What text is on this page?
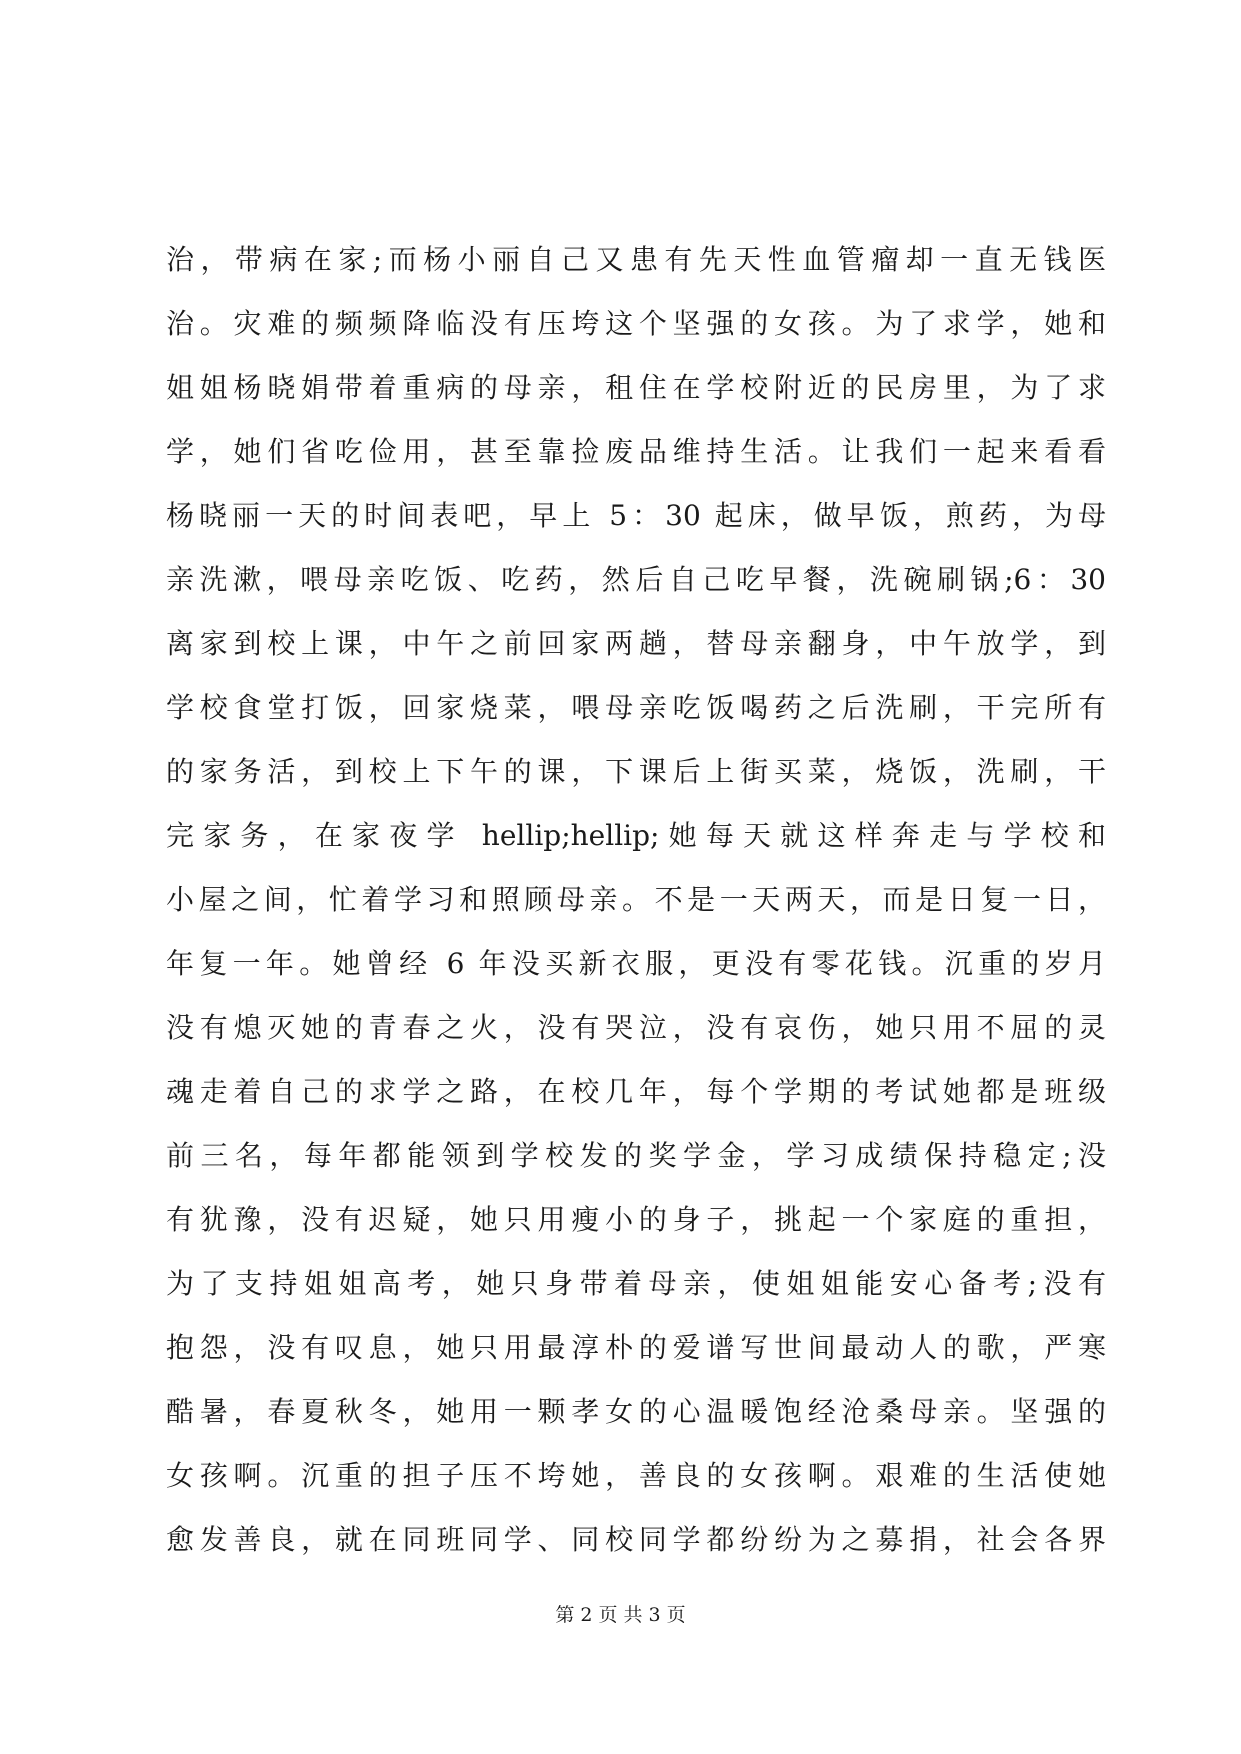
治，带病在家;而杨小丽自己又患有先天性血管瘤却一直无钱医
治。灾难的频频降临没有压垮这个坚强的女孩。为了求学，她和
姐姐杨晓娟带着重病的母亲，租住在学校附近的民房里，为了求
学，她们省吃俭用，甚至靠捡废品维持生活。让我们一起来看看
杨晓丽一天的时间表吧，早上 5：30 起床，做早饭，煎药，为母
亲洗漱，喂母亲吃饭、吃药，然后自己吃早餐，洗碗刷锅;6：30
离家到校上课，中午之前回家两趟，替母亲翻身，中午放学，到
学校食堂打饭，回家烧菜，喂母亲吃饭喝药之后洗刷，干完所有
的家务活，到校上下午的课，下课后上街买菜，烧饭，洗刷，干
完家务，在家夜学 hellip;hellip;她每天就这样奔走与学校和
小屋之间，忙着学习和照顾母亲。不是一天两天，而是日复一日，
年复一年。她曾经 6 年没买新衣服，更没有零花钱。沉重的岁月
没有熄灭她的青春之火，没有哭泣，没有哀伤，她只用不屈的灵
魂走着自己的求学之路，在校几年，每个学期的考试她都是班级
前三名，每年都能领到学校发的奖学金，学习成绩保持稳定;没
有犹豫，没有迟疑，她只用瘦小的身子，挑起一个家庭的重担，
为了支持姐姐高考，她只身带着母亲，使姐姐能安心备考;没有
抱怨，没有叹息，她只用最淳朴的爱谱写世间最动人的歌，严寒
酷暑，春夏秋冬，她用一颗孝女的心温暖饱经沧桑母亲。坚强的
女孩啊。沉重的担子压不垮她，善良的女孩啊。艰难的生活使她
愈发善良，就在同班同学、同校同学都纷纷为之募捐，社会各界
第 2 页 共 3 页
